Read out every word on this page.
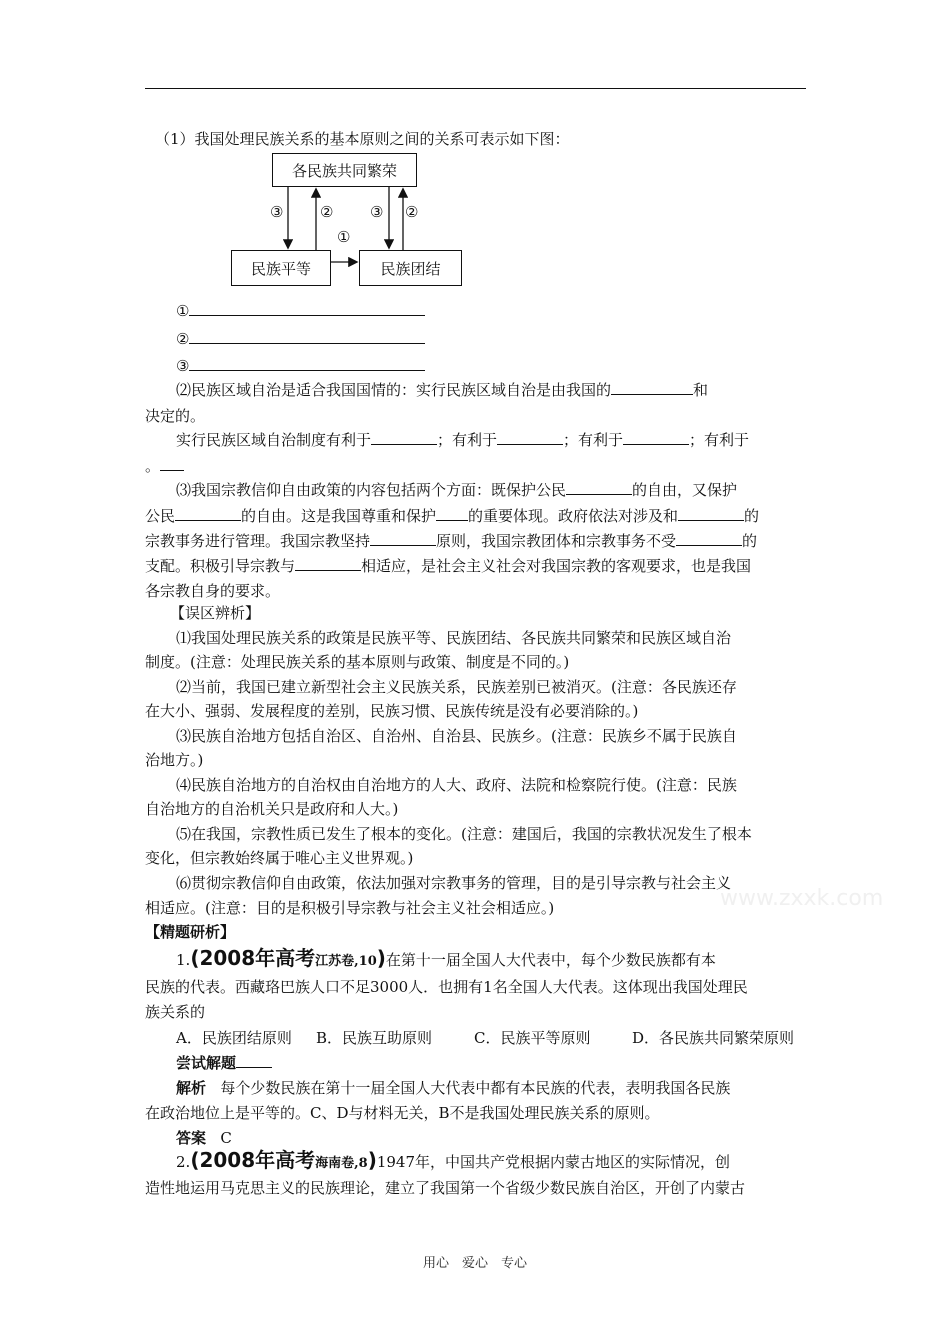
（1）我国处理民族关系的基本原则之间的关系可表示如下图：
各民族共同繁荣
民族平等	民族团结
③ ② ③ ②
①
①
②
③
⑵民族区域自治是适合我国国情的：实行民族区域自治是由我国的	和
决定的。
实行民族区域自治制度有利于	；有利于	；有利于	；有利于
。
⑶我国宗教信仰自由政策的内容包括两个方面：既保护公民	的自由，又保护
公民	的自由。这是我国尊重和保护 的重要体现。政府依法对涉及和	的
宗教事务进行管理。我国宗教坚持	原则，我国宗教团体和宗教事务不受	的
支配。积极引导宗教与	相适应，是社会主义社会对我国宗教的客观要求，也是我国
各宗教自身的要求。
【误区辨析】
⑴我国处理民族关系的政策是民族平等、民族团结、各民族共同繁荣和民族区域自治
制度。(注意：处理民族关系的基本原则与政策、制度是不同的。)
⑵当前，我国已建立新型社会主义民族关系，民族差别已被消灭。(注意：各民族还存
在大小、强弱、发展程度的差别，民族习惯、民族传统是没有必要消除的。)
⑶民族自治地方包括自治区、自治州、自治县、民族乡。(注意：民族乡不属于民族自
治地方。)
⑷民族自治地方的自治权由自治地方的人大、政府、法院和检察院行使。(注意：民族
自治地方的自治机关只是政府和人大。)
⑸在我国，宗教性质已发生了根本的变化。(注意：建国后，我国的宗教状况发生了根本
变化，但宗教始终属于唯心主义世界观。)
⑹贯彻宗教信仰自由政策，依法加强对宗教事务的管理，目的是引导宗教与社会主义
相适应。(注意：目的是积极引导宗教与社会主义社会相适应。)	www.zxxk.com
【精题研析】
1.(2008年高考江苏卷,10)在第十一届全国人大代表中，每个少数民族都有本
民族的代表。西藏珞巴族人口不足3000人．也拥有1名全国人大代表。这体现出我国处理民
族关系的
A．民族团结原则 B．民族互助原则	C．民族平等原则	D．各民族共同繁荣原则
尝试解题
解析 每个少数民族在第十一届全国人大代表中都有本民族的代表，表明我国各民族
在政治地位上是平等的。C、D与材料无关，B不是我国处理民族关系的原则。
答案 C
2.(2008年高考海南卷,8)1947年，中国共产党根据内蒙古地区的实际情况，创
造性地运用马克思主义的民族理论，建立了我国第一个省级少数民族自治区，开创了内蒙古
用心　爱心　专心
